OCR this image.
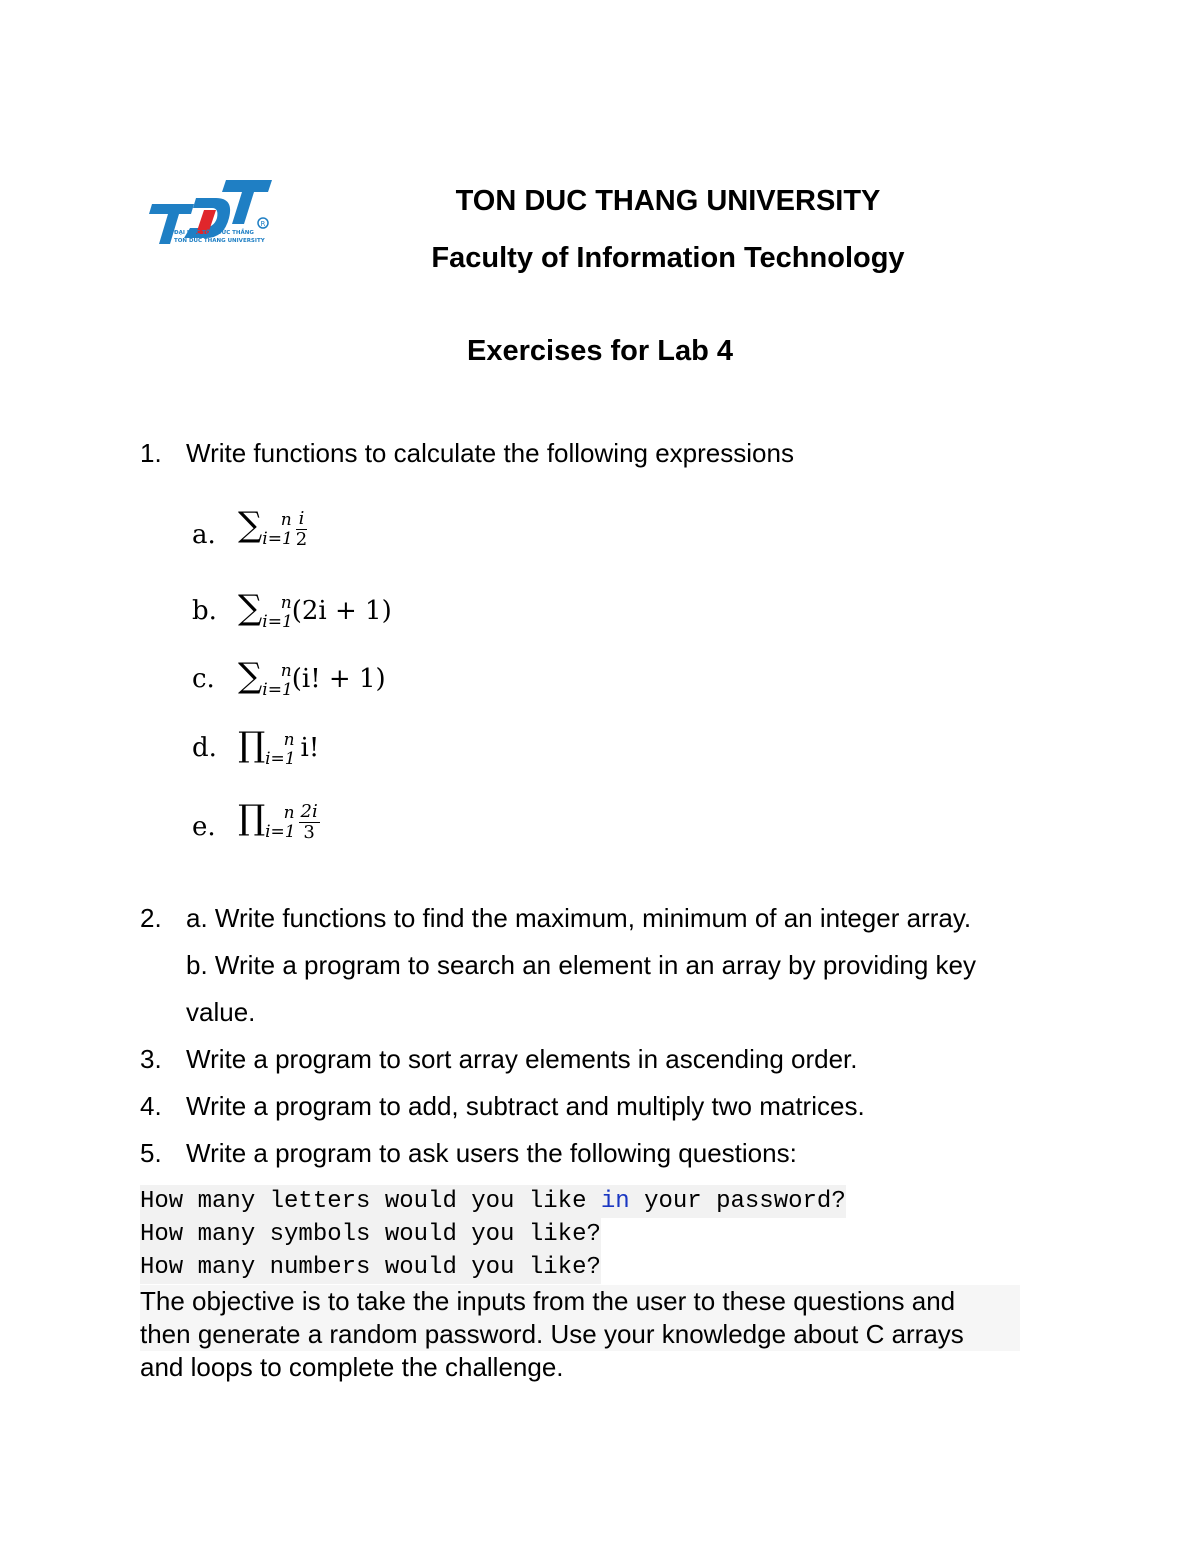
R
ĐẠI HỌC TÔN ĐỨC THẮNG
TON DUC THANG UNIVERSITY
TON DUC THANG UNIVERSITY
Faculty of Information Technology
Exercises for Lab 4
1. Write functions to calculate the following expressions
a. $\sum_{i=1}^n \frac{i}{2}$
b. $\sum_{i=1}^n(2i + 1)$
c. $\sum_{i=1}^n(i$! + 1)
d. $\prod_{i=1}^n$ i!
e. $\prod_{i=1}^n \frac{2i}{3}$
2. a. Write functions to find the maximum, minimum of an integer array.
b. Write a program to search an element in an array by providing key
value.
3. Write a program to sort array elements in ascending order.
4. Write a program to add, subtract and multiply two matrices.
5. Write a program to ask users the following questions:
How many letters would you like in your password?
How many symbols would you like?
How many numbers would you like?
The objective is to take the inputs from the user to these questions and
then generate a random password. Use your knowledge about C arrays
and loops to complete the challenge.
